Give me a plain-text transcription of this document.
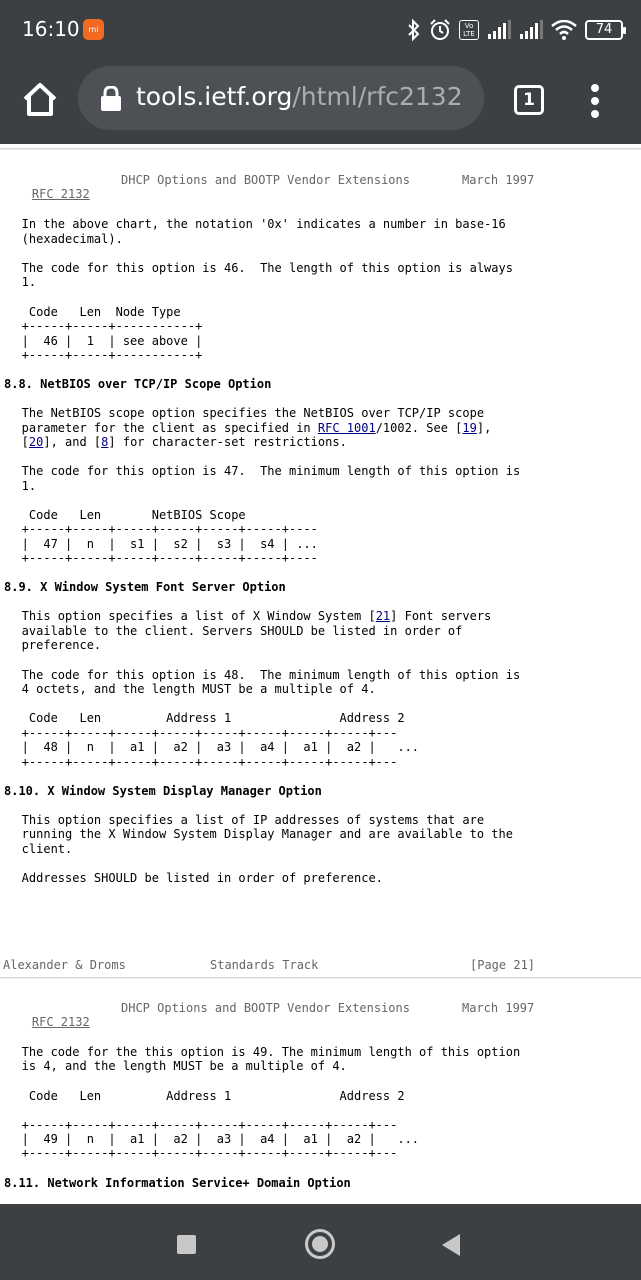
16:10	mi	Vo LTE	74
tools.ietf.org/html/rfc2132	1

RFC 2132

DHCP Options and BOOTP Vendor Extensions	March 1997
In the above chart, the notation '0x' indicates a number in base-16
(hexadecimal).
The code for this option is 46.  The length of this option is always
1.
Code   Len  Node Type
+-----+-----+-----------+
|  46 |  1  | see above |
+-----+-----+-----------+
8.8. NetBIOS over TCP/IP Scope Option
The NetBIOS scope option specifies the NetBIOS over TCP/IP scope
parameter for the client as specified in RFC 1001/1002. See [19],
[20], and [8] for character-set restrictions.
The code for this option is 47.  The minimum length of this option is
1.
Code   Len       NetBIOS Scope
+-----+-----+-----+-----+-----+-----+----
|  47 |  n  |  s1 |  s2 |  s3 |  s4 | ...
+-----+-----+-----+-----+-----+-----+----
8.9. X Window System Font Server Option
This option specifies a list of X Window System [21] Font servers
available to the client. Servers SHOULD be listed in order of
preference.
The code for this option is 48.  The minimum length of this option is
4 octets, and the length MUST be a multiple of 4.
Code   Len         Address 1               Address 2
+-----+-----+-----+-----+-----+-----+-----+-----+---
|  48 |  n  |  a1 |  a2 |  a3 |  a4 |  a1 |  a2 |   ...
+-----+-----+-----+-----+-----+-----+-----+-----+---
8.10. X Window System Display Manager Option
This option specifies a list of IP addresses of systems that are
running the X Window System Display Manager and are available to the
client.
Addresses SHOULD be listed in order of preference.
Alexander & Droms	Standards Track	[Page 21]

RFC 2132

DHCP Options and BOOTP Vendor Extensions	March 1997
The code for the this option is 49. The minimum length of this option
is 4, and the length MUST be a multiple of 4.
Code   Len         Address 1               Address 2
+-----+-----+-----+-----+-----+-----+-----+-----+---
|  49 |  n  |  a1 |  a2 |  a3 |  a4 |  a1 |  a2 |   ...
+-----+-----+-----+-----+-----+-----+-----+-----+---
8.11. Network Information Service+ Domain Option
